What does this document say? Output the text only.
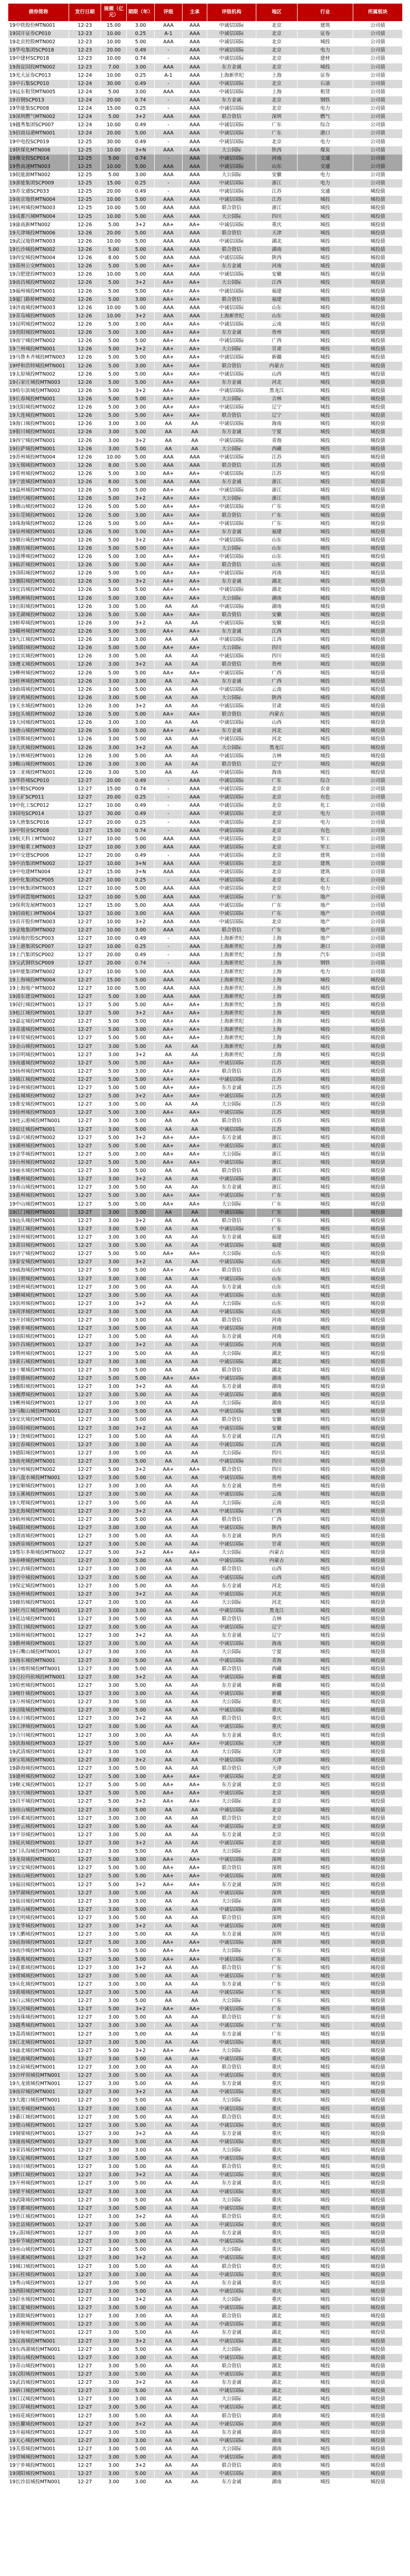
债券简称	发行日期	规模（亿元）	期限（年）	评级	主承	评级机构	地区	行业	所属板块
19中铁股份MTN001	12-23	15.00	3.00	AAA	AAA	中诚信国际	北京	建筑	公司债
19国开证券CP010	12-23	10.00	0.25	A-1	AAA	中诚信国际	北京	证券	公司债
19北京控股MTN002	12-23	10.00	5.00	AAA	AAA	中诚信国际	北京	城投	公司债
19华电集团SCP018	12-23	20.00	0.49	-	AAA	中诚信国际	北京	电力	公司债
19中建材SCP018	12-23	10.00	0.74	-	AAA	中诚信国际	北京	建材	公司债
19海淀国投MTN002	12-23	7.00	3.00	AAA	AAA	东方金诚	北京	城投	公司债
19光大证券CP013	12-24	10.00	0.25	A-1	AAA	上海新世纪	上海	证券	公司债
19中石集SCP010	12-24	30.00	0.49	-	AAA	中诚信国际	北京	石油	公司债
19远东租赁MTN005	12-24	5.00	3.00	AAA	AAA	中诚信国际	上海	租赁	公司债
19首钢SCP013	12-24	20.00	0.74	-	AAA	东方金诚	北京	钢铁	公司债
19华能集SCP008	12-24	15.00	0.25	-	AAA	中诚信国际	北京	电力	公司债
19深圳燃气MTN002	12-24	5.00	3+2	AAA	AAA	联合资信	深圳	燃气	公司债
19越秀集团SCP007	12-24	10.00	0.49	-	AAA	中诚信国际	广东	综合	公司债
19招商局港MTN001	12-24	20.00	5.00	AAA	AAA	中诚信国际	广东	港口	公司债
19中电投SCP019	12-25	30.00	0.49	-	AAA	中诚信国际	北京	电力	公司债
19陕煤化MTN006	12-25	10.00	3+N	AAA	AAA	大公国际	陕西	煤炭	公司债
19豫交投SCP014	12-25	5.00	0.74	-	AAA	中诚信国际	河南	交通	公司债
19鲁高速MTN003	12-25	10.00	5.00	AAA	AAA	中诚信国际	山东	交通	公司债
19皖能源MTN002	12-25	5.00	3.00	AAA	AAA	大公国际	安徽	电力	公司债
19浙能集团SCP009	12-25	15.00	0.25	-	AAA	中诚信国际	浙江	电力	公司债
19苏交通SCP033	12-25	20.00	0.49	-	AAA	中诚信国际	江苏	交通	城投债
19南京地铁MTN004	12-25	10.00	5.00	AAA	AAA	中诚信国际	江苏	城投	城投债
19杭州城投MTN003	12-25	10.00	5.00	AAA	AAA	联合资信	浙江	城投	城投债
19成都兴城MTN004	12-25	10.00	5.00	AAA	AAA	大公国际	四川	城投	城投债
19渝高新MTN002	12-26	5.00	3+2	AA+	AA+	中诚信国际	重庆	城投	城投债
19天津城投MTN006	12-26	20.00	5.00	AAA	AAA	联合资信	天津	城投	城投债
19武汉地铁MTN003	12-26	10.00	5.00	AAA	AAA	中诚信国际	湖北	城投	城投债
19长沙城投MTN002	12-26	5.00	5.00	AAA	AAA	联合资信	湖南	城投	城投债
19西安城投MTN004	12-26	8.00	5.00	AAA	AAA	中诚信国际	陕西	城投	城投债
19郑州公交MTN001	12-26	5.00	5.00	AA+	AA+	东方金诚	河南	城投	城投债
19合肥建投MTN003	12-26	10.00	5.00	AAA	AAA	中诚信国际	安徽	城投	城投债
19南昌城投MTN002	12-26	5.00	3+2	AA+	AA+	大公国际	江西	城投	城投债
19福州城投MTN001	12-26	5.00	5.00	AA+	AA+	中诚信国际	福建	城投	城投债
19厦门路桥MTN002	12-26	5.00	3.00	AA+	AA+	联合资信	福建	城投	城投债
19济南城投MTN003	12-26	10.00	5.00	AAA	AAA	中诚信国际	山东	城投	城投债
19青岛城投MTN005	12-26	10.00	3+2	AAA	AAA	上海新世纪	山东	城投	城投债
19昆明城投MTN002	12-26	5.00	3.00	AA+	AA+	中诚信国际	云南	城投	城投债
19贵阳城投MTN001	12-26	5.00	3.00	AA+	AA+	东方金诚	贵州	城投	城投债
19南宁城投MTN002	12-26	5.00	5.00	AA+	AA+	中诚信国际	广西	城投	城投债
19兰州城投MTN001	12-26	5.00	3+2	AA+	AA+	大公国际	甘肃	城投	城投债
19乌鲁木齐城投MTN003	12-26	5.00	5.00	AA+	AA+	中诚信国际	新疆	城投	城投债
19呼和浩特城投MTN001	12-26	5.00	3.00	AA+	AA+	联合资信	内蒙古	城投	城投债
19太原城投MTN002	12-26	5.00	5.00	AA+	AA+	中诚信国际	山西	城投	城投债
19石家庄城投MTN003	12-26	5.00	5.00	AA+	AA+	东方金诚	河北	城投	城投债
19哈尔滨城投MTN002	12-26	5.00	3+2	AA+	AA+	中诚信国际	黑龙江	城投	城投债
19长春城投MTN001	12-26	5.00	5.00	AA+	AA+	大公国际	吉林	城投	城投债
19沈阳城投MTN002	12-26	5.00	3.00	AA+	AA+	中诚信国际	辽宁	城投	城投债
19大连城投MTN001	12-26	5.00	5.00	AA+	AA+	联合资信	辽宁	城投	城投债
19海口城投MTN001	12-26	3.00	3.00	AA	AA	中诚信国际	海南	城投	城投债
19银川城投MTN001	12-26	3.00	5.00	AA	AA	东方金诚	宁夏	城投	城投债
19西宁城投MTN001	12-26	3.00	3+2	AA	AA	中诚信国际	青海	城投	城投债
19拉萨城投MTN001	12-26	3.00	5.00	AA	AA	大公国际	西藏	城投	城投债
19苏州城投MTN004	12-26	10.00	5.00	AAA	AAA	中诚信国际	江苏	城投	城投债
19无锡城投MTN003	12-26	8.00	5.00	AAA	AAA	联合资信	江苏	城投	城投债
19常州城投MTN002	12-26	5.00	3.00	AA+	AA+	中诚信国际	江苏	城投	城投债
19宁波城投MTN003	12-26	8.00	5.00	AAA	AAA	东方金诚	浙江	城投	城投债
19温州城投MTN002	12-26	5.00	5.00	AA+	AA+	中诚信国际	浙江	城投	城投债
19绍兴城投MTN001	12-26	5.00	3+2	AA+	AA+	大公国际	浙江	城投	城投债
19佛山城投MTN002	12-26	5.00	5.00	AA+	AA+	中诚信国际	广东	城投	城投债
19东莞城投MTN001	12-26	5.00	3.00	AA+	AA+	联合资信	广东	城投	城投债
19珠海城投MTN002	12-26	5.00	5.00	AA+	AA+	中诚信国际	广东	城投	城投债
19泉州城投MTN001	12-26	5.00	5.00	AA+	AA+	东方金诚	福建	城投	城投债
19烟台城投MTN002	12-26	5.00	3+2	AA+	AA+	中诚信国际	山东	城投	城投债
19潍坊城投MTN001	12-26	5.00	5.00	AA+	AA+	大公国际	山东	城投	城投债
19淄博城投MTN002	12-26	5.00	3.00	AA+	AA+	中诚信国际	山东	城投	城投债
19临沂城投MTN001	12-26	5.00	5.00	AA+	AA+	联合资信	山东	城投	城投债
19洛阳城投MTN002	12-26	5.00	5.00	AA+	AA+	中诚信国际	河南	城投	城投债
19襄阳城投MTN001	12-26	5.00	3+2	AA+	AA+	东方金诚	湖北	城投	城投债
19宜昌城投MTN002	12-26	5.00	5.00	AA+	AA+	中诚信国际	湖北	城投	城投债
19株洲城投MTN001	12-26	5.00	3.00	AA+	AA+	大公国际	湖南	城投	城投债
19岳阳城投MTN001	12-26	3.00	5.00	AA	AA	中诚信国际	湖南	城投	城投债
19芜湖城投MTN002	12-26	5.00	5.00	AA+	AA+	联合资信	安徽	城投	城投债
19蚌埠城投MTN001	12-26	3.00	3+2	AA	AA	中诚信国际	安徽	城投	城投债
19赣州城投MTN002	12-26	5.00	5.00	AA+	AA+	东方金诚	江西	城投	城投债
19九江城投MTN001	12-26	3.00	3.00	AA	AA	中诚信国际	江西	城投	城投债
19绵阳城投MTN002	12-26	5.00	5.00	AA+	AA+	大公国际	四川	城投	城投债
19宜宾城投MTN001	12-26	3.00	5.00	AA	AA	中诚信国际	四川	城投	城投债
19遵义城投MTN001	12-26	3.00	3+2	AA	AA	联合资信	贵州	城投	城投债
19柳州城投MTN002	12-26	5.00	5.00	AA+	AA+	中诚信国际	广西	城投	城投债
19桂林城投MTN001	12-26	3.00	3.00	AA	AA	东方金诚	广西	城投	城投债
19曲靖城投MTN001	12-26	3.00	5.00	AA	AA	中诚信国际	云南	城投	城投债
19宝鸡城投MTN001	12-26	3.00	5.00	AA	AA	大公国际	陕西	城投	城投债
19天水城投MTN001	12-26	3.00	3+2	AA	AA	中诚信国际	甘肃	城投	城投债
19包头城投MTN002	12-26	5.00	5.00	AA+	AA+	联合资信	内蒙古	城投	城投债
19大同城投MTN001	12-26	3.00	3.00	AA	AA	中诚信国际	山西	城投	城投债
19唐山城投MTN002	12-26	5.00	5.00	AA+	AA+	东方金诚	河北	城投	城投债
19邯郸城投MTN001	12-26	3.00	5.00	AA	AA	中诚信国际	河北	城投	城投债
19大庆城投MTN001	12-26	3.00	3+2	AA	AA	大公国际	黑龙江	城投	城投债
19吉林城投MTN001	12-26	3.00	5.00	AA	AA	中诚信国际	吉林	城投	城投债
19鞍山城投MTN001	12-26	3.00	3.00	AA	AA	联合资信	辽宁	城投	城投债
19三亚城投MTN001	12-26	3.00	5.00	AA	AA	中诚信国际	海南	城投	城投债
19华侨城SCP010	12-27	20.00	0.49	-	AAA	中诚信国际	广东	综合	公司债
19中粮SCP009	12-27	15.00	0.74	-	AAA	中诚信国际	北京	农业	公司债
19五矿SCP011	12-27	20.00	0.25	-	AAA	中诚信国际	北京	有色	公司债
19中化工SCP012	12-27	10.00	0.49	-	AAA	中诚信国际	北京	化工	公司债
19国电SCP014	12-27	30.00	0.49	-	AAA	中诚信国际	北京	电力	公司债
19大唐集SCP016	12-27	20.00	0.25	-	AAA	中诚信国际	北京	电力	公司债
19中铝业SCP008	12-27	15.00	0.74	-	AAA	中诚信国际	北京	有色	公司债
19航天科工MTN002	12-27	10.00	5.00	AAA	AAA	中诚信国际	北京	军工	公司债
19中船重工MTN003	12-27	10.00	3.00	AAA	AAA	中诚信国际	北京	军工	公司债
19中交建SCP006	12-27	20.00	0.49	-	AAA	中诚信国际	北京	建筑	公司债
19中冶集团MTN002	12-27	10.00	3+N	AAA	AAA	中诚信国际	北京	建筑	公司债
19中电建MTN004	12-27	15.00	3+N	AAA	AAA	中诚信国际	北京	建筑	公司债
19中化集团SCP005	12-27	10.00	0.25	-	AAA	中诚信国际	北京	化工	公司债
19中核集团MTN003	12-27	10.00	5.00	AAA	AAA	中诚信国际	北京	电力	公司债
19华润置地MTN001	12-27	10.00	5.00	AAA	AAA	中诚信国际	广东	地产	公司债
19保利发展MTN003	12-27	15.00	5.00	AAA	AAA	中诚信国际	广东	地产	公司债
19招商蛇口MTN004	12-27	10.00	3.00	AAA	AAA	中诚信国际	广东	地产	公司债
19首开股份MTN003	12-27	10.00	3+2	AAA	AAA	中诚信国际	北京	地产	公司债
19金地集团MTN002	12-27	10.00	3.00	AAA	AAA	联合资信	广东	地产	公司债
19绿地控股SCP003	12-27	10.00	0.49	-	AAA	上海新世纪	上海	地产	公司债
19上港集团SCP007	12-27	10.00	0.25	-	AAA	上海新世纪	上海	港口	公司债
19上汽集团SCP002	12-27	20.00	0.49	-	AAA	上海新世纪	上海	汽车	公司债
19宝武钢铁SCP009	12-27	20.00	0.74	-	AAA	上海新世纪	上海	钢铁	公司债
19申能集团MTN002	12-27	10.00	5.00	AAA	AAA	上海新世纪	上海	电力	公司债
19上海城投MTN004	12-27	15.00	5.00	AAA	AAA	上海新世纪	上海	城投	城投债
19上海地产MTN002	12-27	10.00	5.00	AAA	AAA	上海新世纪	上海	城投	城投债
19浦东建设MTN001	12-27	5.00	3.00	AAA	AAA	上海新世纪	上海	城投	城投债
19闵行城投MTN001	12-27	5.00	5.00	AA+	AA+	上海新世纪	上海	城投	城投债
19松江城投MTN001	12-27	5.00	3+2	AA+	AA+	上海新世纪	上海	城投	城投债
19嘉定城投MTN002	12-27	5.00	5.00	AA+	AA+	上海新世纪	上海	城投	城投债
19青浦城投MTN001	12-27	5.00	3.00	AA+	AA+	上海新世纪	上海	城投	城投债
19奉贤城投MTN001	12-27	5.00	5.00	AA+	AA+	上海新世纪	上海	城投	城投债
19金山城投MTN001	12-27	3.00	5.00	AA	AA	上海新世纪	上海	城投	城投债
19崇明城投MTN001	12-27	3.00	3+2	AA	AA	上海新世纪	上海	城投	城投债
19南通城投MTN002	12-27	5.00	5.00	AA+	AA+	中诚信国际	江苏	城投	城投债
19扬州城投MTN001	12-27	5.00	3.00	AA+	AA+	联合资信	江苏	城投	城投债
19镇江城投MTN002	12-27	5.00	5.00	AA+	AA+	中诚信国际	江苏	城投	城投债
19泰州城投MTN001	12-27	5.00	5.00	AA+	AA+	东方金诚	江苏	城投	城投债
19盐城城投MTN002	12-27	5.00	3+2	AA+	AA+	中诚信国际	江苏	城投	城投债
19淮安城投MTN001	12-27	3.00	5.00	AA	AA	大公国际	江苏	城投	城投债
19徐州城投MTN003	12-27	5.00	3.00	AA+	AA+	中诚信国际	江苏	城投	城投债
19连云港城投MTN001	12-27	3.00	5.00	AA	AA	联合资信	江苏	城投	城投债
19宿迁城投MTN001	12-27	3.00	5.00	AA	AA	中诚信国际	江苏	城投	城投债
19嘉兴城投MTN002	12-27	5.00	3+2	AA+	AA+	东方金诚	浙江	城投	城投债
19湖州城投MTN001	12-27	5.00	5.00	AA+	AA+	中诚信国际	浙江	城投	城投债
19金华城投MTN001	12-27	5.00	3.00	AA+	AA+	大公国际	浙江	城投	城投债
19台州城投MTN002	12-27	5.00	5.00	AA+	AA+	中诚信国际	浙江	城投	城投债
19丽水城投MTN001	12-27	3.00	5.00	AA	AA	联合资信	浙江	城投	城投债
19衢州城投MTN001	12-27	3.00	3+2	AA	AA	中诚信国际	浙江	城投	城投债
19舟山城投MTN001	12-27	3.00	5.00	AA	AA	东方金诚	浙江	城投	城投债
19惠州城投MTN001	12-27	5.00	3.00	AA+	AA+	中诚信国际	广东	城投	城投债
19中山城投MTN001	12-27	5.00	5.00	AA+	AA+	大公国际	广东	城投	城投债
19江门城投MTN001	12-27	3.00	5.00	AA	AA	中诚信国际	广东	城投	城投债
19汕头城投MTN001	12-27	3.00	3+2	AA	AA	联合资信	广东	城投	城投债
19湛江城投MTN001	12-27	3.00	5.00	AA	AA	中诚信国际	广东	城投	城投债
19漳州城投MTN001	12-27	3.00	3.00	AA	AA	东方金诚	福建	城投	城投债
19莆田城投MTN001	12-27	3.00	5.00	AA	AA	中诚信国际	福建	城投	城投债
19济宁城投MTN002	12-27	5.00	5.00	AA+	AA+	大公国际	山东	城投	城投债
19泰安城投MTN001	12-27	3.00	3+2	AA	AA	中诚信国际	山东	城投	城投债
19威海城投MTN001	12-27	5.00	5.00	AA+	AA+	联合资信	山东	城投	城投债
19日照城投MTN001	12-27	3.00	3.00	AA	AA	中诚信国际	山东	城投	城投债
19德州城投MTN001	12-27	3.00	5.00	AA	AA	东方金诚	山东	城投	城投债
19聊城城投MTN001	12-27	3.00	5.00	AA	AA	中诚信国际	山东	城投	城投债
19滨州城投MTN001	12-27	3.00	3+2	AA	AA	大公国际	山东	城投	城投债
19菏泽城投MTN001	12-27	3.00	5.00	AA	AA	中诚信国际	山东	城投	城投债
19开封城投MTN001	12-27	3.00	3.00	AA	AA	联合资信	河南	城投	城投债
19新乡城投MTN001	12-27	3.00	5.00	AA	AA	中诚信国际	河南	城投	城投债
19南阳城投MTN001	12-27	3.00	5.00	AA	AA	东方金诚	河南	城投	城投债
19许昌城投MTN001	12-27	3.00	3+2	AA	AA	中诚信国际	河南	城投	城投债
19荆州城投MTN001	12-27	3.00	5.00	AA	AA	大公国际	湖北	城投	城投债
19黄石城投MTN001	12-27	3.00	3.00	AA	AA	中诚信国际	湖北	城投	城投债
19十堰城投MTN001	12-27	3.00	5.00	AA	AA	联合资信	湖北	城投	城投债
19常德城投MTN002	12-27	5.00	5.00	AA+	AA+	中诚信国际	湖南	城投	城投债
19衡阳城投MTN001	12-27	3.00	3+2	AA	AA	东方金诚	湖南	城投	城投债
19湘潭城投MTN001	12-27	3.00	5.00	AA	AA	中诚信国际	湖南	城投	城投债
19郴州城投MTN001	12-27	3.00	3.00	AA	AA	大公国际	湖南	城投	城投债
19马鞍山城投MTN001	12-27	3.00	5.00	AA	AA	中诚信国际	安徽	城投	城投债
19安庆城投MTN001	12-27	3.00	5.00	AA	AA	联合资信	安徽	城投	城投债
19阜阳城投MTN001	12-27	3.00	3+2	AA	AA	中诚信国际	安徽	城投	城投债
19上饶城投MTN001	12-27	3.00	5.00	AA	AA	东方金诚	江西	城投	城投债
19宜春城投MTN001	12-27	3.00	3.00	AA	AA	中诚信国际	江西	城投	城投债
19德阳城投MTN001	12-27	3.00	5.00	AA	AA	大公国际	四川	城投	城投债
19南充城投MTN001	12-27	3.00	5.00	AA	AA	中诚信国际	四川	城投	城投债
19泸州城投MTN002	12-27	5.00	3+2	AA+	AA+	联合资信	四川	城投	城投债
19六盘水城投MTN001	12-27	3.00	5.00	AA	AA	中诚信国际	贵州	城投	城投债
19安顺城投MTN001	12-27	3.00	3.00	AA	AA	东方金诚	贵州	城投	城投债
19玉溪城投MTN001	12-27	3.00	5.00	AA	AA	中诚信国际	云南	城投	城投债
19大理城投MTN001	12-27	3.00	5.00	AA	AA	大公国际	云南	城投	城投债
19北海城投MTN001	12-27	3.00	3+2	AA	AA	中诚信国际	广西	城投	城投债
19梧州城投MTN001	12-27	3.00	5.00	AA	AA	联合资信	广西	城投	城投债
19咸阳城投MTN001	12-27	3.00	3.00	AA	AA	中诚信国际	陕西	城投	城投债
19渭南城投MTN001	12-27	3.00	5.00	AA	AA	东方金诚	陕西	城投	城投债
19酒泉城投MTN001	12-27	3.00	5.00	AA	AA	中诚信国际	甘肃	城投	城投债
19鄂尔多斯城投MTN002	12-27	5.00	3+2	AA+	AA+	大公国际	内蒙古	城投	城投债
19赤峰城投MTN001	12-27	3.00	5.00	AA	AA	中诚信国际	内蒙古	城投	城投债
19长治城投MTN001	12-27	3.00	3.00	AA	AA	联合资信	山西	城投	城投债
19晋中城投MTN001	12-27	3.00	5.00	AA	AA	中诚信国际	山西	城投	城投债
19保定城投MTN001	12-27	3.00	5.00	AA	AA	东方金诚	河北	城投	城投债
19沧州城投MTN001	12-27	3.00	3+2	AA	AA	中诚信国际	河北	城投	城投债
19廊坊城投MTN001	12-27	3.00	5.00	AA	AA	大公国际	河北	城投	城投债
19牡丹江城投MTN001	12-27	3.00	3.00	AA	AA	中诚信国际	黑龙江	城投	城投债
19延边城投MTN001	12-27	3.00	5.00	AA	AA	联合资信	吉林	城投	城投债
19营口城投MTN001	12-27	3.00	5.00	AA	AA	中诚信国际	辽宁	城投	城投债
19锦州城投MTN001	12-27	3.00	3+2	AA	AA	东方金诚	辽宁	城投	城投债
19儋州城投MTN001	12-27	3.00	5.00	AA	AA	中诚信国际	海南	城投	城投债
19石嘴山城投MTN001	12-27	3.00	3.00	AA	AA	大公国际	宁夏	城投	城投债
19海东城投MTN001	12-27	3.00	5.00	AA	AA	中诚信国际	青海	城投	城投债
19日喀则城投MTN001	12-27	3.00	5.00	AA	AA	联合资信	西藏	城投	城投债
19克拉玛依城投MTN001	12-27	3.00	3+2	AA	AA	中诚信国际	新疆	城投	城投债
19哈密城投MTN001	12-27	3.00	5.00	AA	AA	东方金诚	新疆	城投	城投债
19喀什城投MTN001	12-27	3.00	3.00	AA	AA	中诚信国际	新疆	城投	城投债
19万州城投MTN001	12-27	3.00	5.00	AA	AA	大公国际	重庆	城投	城投债
19涪陵城投MTN001	12-27	3.00	5.00	AA	AA	中诚信国际	重庆	城投	城投债
19永川城投MTN001	12-27	3.00	3+2	AA	AA	联合资信	重庆	城投	城投债
19江津城投MTN001	12-27	3.00	5.00	AA	AA	中诚信国际	重庆	城投	城投债
19合川城投MTN001	12-27	3.00	3.00	AA	AA	东方金诚	重庆	城投	城投债
19滨海城投MTN003	12-27	5.00	5.00	AA+	AA+	中诚信国际	天津	城投	城投债
19武清城投MTN001	12-27	3.00	5.00	AA	AA	大公国际	天津	城投	城投债
19宝坻城投MTN001	12-27	3.00	3+2	AA	AA	中诚信国际	天津	城投	城投债
19静海城投MTN001	12-27	3.00	5.00	AA	AA	联合资信	天津	城投	城投债
19通州城投MTN002	12-27	5.00	3.00	AA+	AA+	中诚信国际	北京	城投	城投债
19顺义城投MTN001	12-27	5.00	5.00	AA+	AA+	东方金诚	北京	城投	城投债
19大兴城投MTN001	12-27	5.00	5.00	AA+	AA+	中诚信国际	北京	城投	城投债
19昌平城投MTN001	12-27	5.00	3+2	AA+	AA+	大公国际	北京	城投	城投债
19房山城投MTN001	12-27	3.00	5.00	AA	AA	中诚信国际	北京	城投	城投债
19怀柔城投MTN001	12-27	3.00	3.00	AA	AA	联合资信	北京	城投	城投债
19密云城投MTN001	12-27	3.00	5.00	AA	AA	中诚信国际	北京	城投	城投债
19平谷城投MTN001	12-27	3.00	5.00	AA	AA	东方金诚	北京	城投	城投债
19延庆城投MTN001	12-27	3.00	3+2	AA	AA	中诚信国际	北京	城投	城投债
19门头沟城投MTN001	12-27	3.00	5.00	AA	AA	大公国际	北京	城投	城投债
19龙岗城投MTN001	12-27	5.00	3.00	AA+	AA+	中诚信国际	深圳	城投	城投债
19宝安城投MTN001	12-27	5.00	5.00	AA+	AA+	联合资信	深圳	城投	城投债
19南山城投MTN001	12-27	5.00	5.00	AA+	AA+	中诚信国际	深圳	城投	城投债
19福田城投MTN001	12-27	5.00	3+2	AA+	AA+	东方金诚	深圳	城投	城投债
19罗湖城投MTN001	12-27	3.00	5.00	AA	AA	中诚信国际	深圳	城投	城投债
19盐田城投MTN001	12-27	3.00	3.00	AA	AA	大公国际	深圳	城投	城投债
19坪山城投MTN001	12-27	3.00	5.00	AA	AA	中诚信国际	深圳	城投	城投债
19光明城投MTN001	12-27	3.00	5.00	AA	AA	联合资信	深圳	城投	城投债
19龙华城投MTN001	12-27	3.00	3+2	AA	AA	中诚信国际	深圳	城投	城投债
19大鹏城投MTN001	12-27	3.00	5.00	AA	AA	东方金诚	深圳	城投	城投债
19前海城投MTN001	12-27	5.00	3.00	AA+	AA+	中诚信国际	深圳	城投	城投债
19南沙城投MTN001	12-27	5.00	5.00	AA+	AA+	大公国际	广东	城投	城投债
19番禺城投MTN001	12-27	5.00	5.00	AA+	AA+	中诚信国际	广东	城投	城投债
19花都城投MTN001	12-27	3.00	3+2	AA	AA	联合资信	广东	城投	城投债
19增城城投MTN001	12-27	3.00	5.00	AA	AA	中诚信国际	广东	城投	城投债
19从化城投MTN001	12-27	3.00	3.00	AA	AA	东方金诚	广东	城投	城投债
19黄埔城投MTN001	12-27	3.00	5.00	AA	AA	中诚信国际	广东	城投	城投债
19白云城投MTN001	12-27	3.00	5.00	AA	AA	大公国际	广东	城投	城投债
19天河城投MTN001	12-27	5.00	3+2	AA+	AA+	中诚信国际	广东	城投	城投债
19海珠城投MTN001	12-27	3.00	5.00	AA	AA	联合资信	广东	城投	城投债
19越秀城投MTN001	12-27	3.00	3.00	AA	AA	中诚信国际	广东	城投	城投债
19荔湾城投MTN001	12-27	3.00	5.00	AA	AA	东方金诚	广东	城投	城投债
19江北城投MTN001	12-27	3.00	5.00	AA	AA	中诚信国际	重庆	城投	城投债
19渝北城投MTN001	12-27	5.00	3+2	AA+	AA+	大公国际	重庆	城投	城投债
19巴南城投MTN001	12-27	3.00	5.00	AA	AA	中诚信国际	重庆	城投	城投债
19北碚城投MTN001	12-27	3.00	3.00	AA	AA	联合资信	重庆	城投	城投债
19沙坪坝城投MTN001	12-27	3.00	5.00	AA	AA	中诚信国际	重庆	城投	城投债
19九龙坡城投MTN001	12-27	3.00	5.00	AA	AA	东方金诚	重庆	城投	城投债
19南岸城投MTN001	12-27	3.00	3+2	AA	AA	中诚信国际	重庆	城投	城投债
19大渡口城投MTN001	12-27	3.00	5.00	AA	AA	大公国际	重庆	城投	城投债
19长寿城投MTN001	12-27	3.00	3.00	AA	AA	中诚信国际	重庆	城投	城投债
19綦江城投MTN001	12-27	3.00	5.00	AA	AA	联合资信	重庆	城投	城投债
19璧山城投MTN001	12-27	3.00	5.00	AA	AA	中诚信国际	重庆	城投	城投债
19铜梁城投MTN001	12-27	3.00	3+2	AA	AA	东方金诚	重庆	城投	城投债
19潼南城投MTN001	12-27	3.00	5.00	AA	AA	中诚信国际	重庆	城投	城投债
19荣昌城投MTN001	12-27	3.00	3.00	AA	AA	大公国际	重庆	城投	城投债
19大足城投MTN001	12-27	3.00	5.00	AA	AA	中诚信国际	重庆	城投	城投债
19南川城投MTN001	12-27	3.00	5.00	AA	AA	联合资信	重庆	城投	城投债
19黔江城投MTN001	12-27	3.00	3+2	AA	AA	中诚信国际	重庆	城投	城投债
19开州城投MTN001	12-27	3.00	5.00	AA	AA	东方金诚	重庆	城投	城投债
19梁平城投MTN001	12-27	3.00	3.00	AA	AA	中诚信国际	重庆	城投	城投债
19武隆城投MTN001	12-27	3.00	5.00	AA	AA	大公国际	重庆	城投	城投债
19丰都城投MTN001	12-27	3.00	5.00	AA	AA	中诚信国际	重庆	城投	城投债
19垫江城投MTN001	12-27	3.00	3+2	AA	AA	联合资信	重庆	城投	城投债
19忠县城投MTN001	12-27	3.00	5.00	AA	AA	中诚信国际	重庆	城投	城投债
19云阳城投MTN001	12-27	3.00	3.00	AA	AA	东方金诚	重庆	城投	城投债
19奉节城投MTN001	12-27	3.00	5.00	AA	AA	中诚信国际	重庆	城投	城投债
19巫山城投MTN001	12-27	3.00	5.00	AA	AA	大公国际	重庆	城投	城投债
19巫溪城投MTN001	12-27	3.00	3+2	AA	AA	中诚信国际	重庆	城投	城投债
19城口城投MTN001	12-27	3.00	5.00	AA	AA	联合资信	重庆	城投	城投债
19石柱城投MTN001	12-27	3.00	3.00	AA	AA	中诚信国际	重庆	城投	城投债
19秀山城投MTN001	12-27	3.00	5.00	AA	AA	东方金诚	重庆	城投	城投债
19酉阳城投MTN001	12-27	3.00	5.00	AA	AA	中诚信国际	重庆	城投	城投债
19彭水城投MTN001	12-27	3.00	3+2	AA	AA	大公国际	重庆	城投	城投债
19江夏城投MTN001	12-27	3.00	5.00	AA	AA	中诚信国际	湖北	城投	城投债
19黄陂城投MTN001	12-27	3.00	3.00	AA	AA	联合资信	湖北	城投	城投债
19新洲城投MTN001	12-27	3.00	5.00	AA	AA	中诚信国际	湖北	城投	城投债
19蔡甸城投MTN001	12-27	3.00	5.00	AA	AA	东方金诚	湖北	城投	城投债
19汉南城投MTN001	12-27	3.00	3+2	AA	AA	中诚信国际	湖北	城投	城投债
19东西湖城投MTN001	12-27	3.00	5.00	AA	AA	大公国际	湖北	城投	城投债
19洪山城投MTN001	12-27	3.00	3.00	AA	AA	中诚信国际	湖北	城投	城投债
19青山城投MTN001	12-27	3.00	5.00	AA	AA	联合资信	湖北	城投	城投债
19汉阳城投MTN001	12-27	3.00	5.00	AA	AA	中诚信国际	湖北	城投	城投债
19武昌城投MTN001	12-27	3.00	3+2	AA	AA	东方金诚	湖北	城投	城投债
19硚口城投MTN001	12-27	3.00	5.00	AA	AA	中诚信国际	湖北	城投	城投债
19江汉城投MTN001	12-27	3.00	3.00	AA	AA	大公国际	湖北	城投	城投债
19江岸城投MTN001	12-27	3.00	5.00	AA	AA	中诚信国际	湖北	城投	城投债
19雨花城投MTN001	12-27	3.00	5.00	AA	AA	联合资信	湖南	城投	城投债
19岳麓城投MTN001	12-27	3.00	3+2	AA	AA	中诚信国际	湖南	城投	城投债
19开福城投MTN001	12-27	3.00	5.00	AA	AA	东方金诚	湖南	城投	城投债
19天心城投MTN001	12-27	3.00	3.00	AA	AA	中诚信国际	湖南	城投	城投债
19芙蓉城投MTN001	12-27	3.00	5.00	AA	AA	大公国际	湖南	城投	城投债
19望城城投MTN001	12-27	3.00	5.00	AA	AA	中诚信国际	湖南	城投	城投债
19宁乡城投MTN001	12-27	3.00	3+2	AA	AA	联合资信	湖南	城投	城投债
19浏阳城投MTN001	12-27	3.00	5.00	AA	AA	中诚信国际	湖南	城投	城投债
19长沙县城投MTN001	12-27	3.00	3.00	AA	AA	东方金诚	湖南	城投	城投债
